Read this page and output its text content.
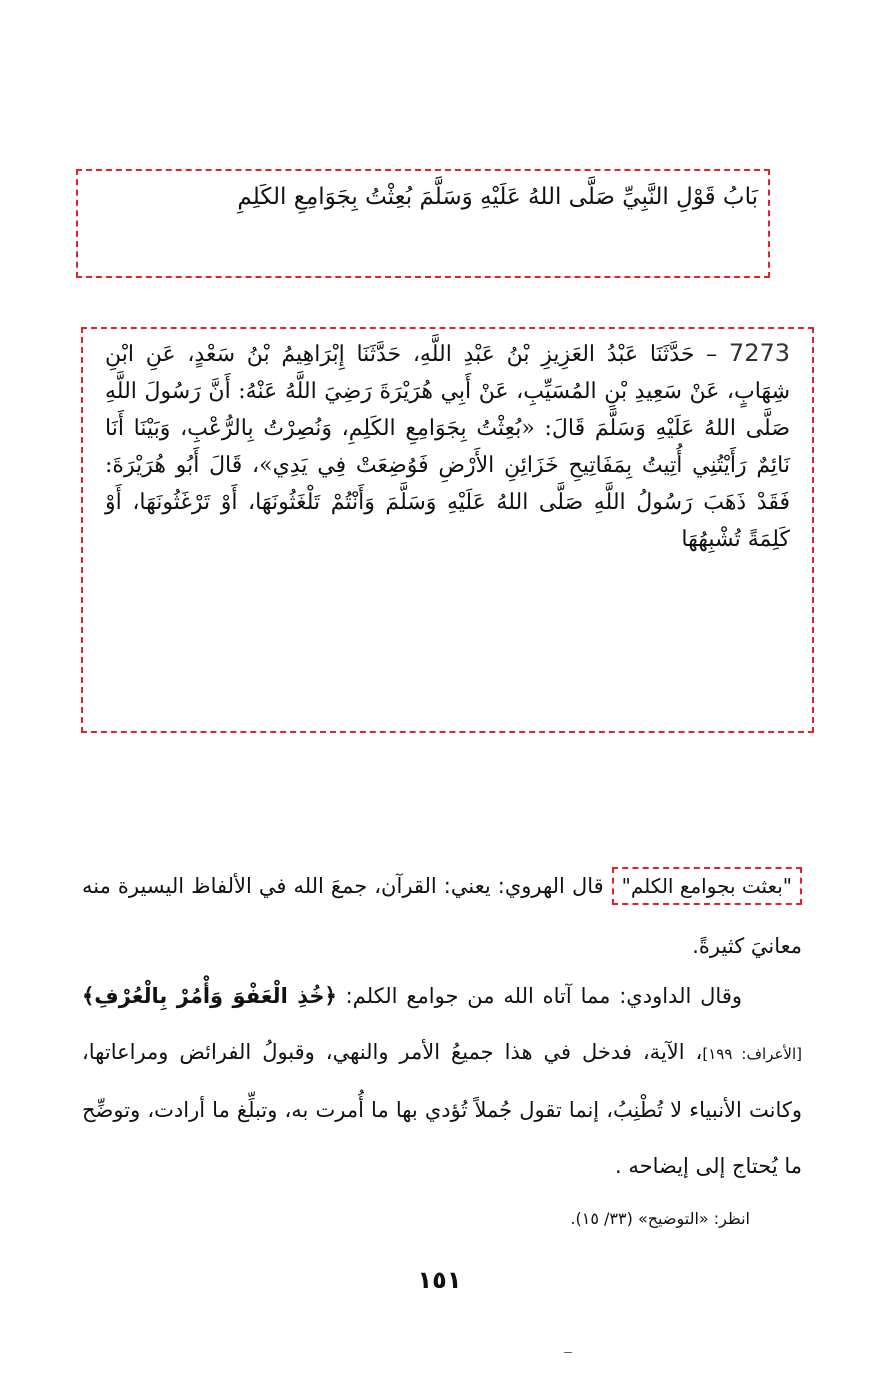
بَابُ قَوْلِ النَّبِيِّ صَلَّى اللهُ عَلَيْهِ وَسَلَّمَ بُعِثْتُ بِجَوَامِعِ الكَلِمِ

7273 – حَدَّثَنَا عَبْدُ العَزِيزِ بْنُ عَبْدِ اللَّهِ، حَدَّثَنَا إِبْرَاهِيمُ بْنُ سَعْدٍ، عَنِ ابْنِ شِهَابٍ، عَنْ سَعِيدِ بْنِ المُسَيِّبِ، عَنْ أَبِي هُرَيْرَةَ رَضِيَ اللَّهُ عَنْهُ: أَنَّ رَسُولَ اللَّهِ صَلَّى اللهُ عَلَيْهِ وَسَلَّمَ قَالَ: «بُعِثْتُ بِجَوَامِعِ الكَلِمِ، وَنُصِرْتُ بِالرُّعْبِ، وَبَيْنَا أَنَا نَائِمٌ رَأَيْتُنِي أُتِيتُ بِمَفَاتِيحِ خَزَائِنِ الأَرْضِ فَوُضِعَتْ فِي يَدِي»، قَالَ أَبُو هُرَيْرَةَ: فَقَدْ ذَهَبَ رَسُولُ اللَّهِ صَلَّى اللهُ عَلَيْهِ وَسَلَّمَ وَأَنْتُمْ تَلْغَثُونَهَا، أَوْ تَرْغَثُونَهَا، أَوْ كَلِمَةً تُشْبِهُهَا

"بعثت بجوامع الكلم"قال الهروي: يعني: القرآن، جمعَ الله في الألفاظ اليسيرة منه معانيَ كثيرةً.
وقال الداودي: مما آتاه الله من جوامع الكلم: ﴿خُذِ الْعَفْوَ وَأْمُرْ بِالْعُرْفِ﴾[الأعراف: ١٩٩]، الآية، فدخل في هذا جميعُ الأمر والنهي، وقبولُ الفرائض ومراعاتها، وكانت الأنبياء لا تُطْنِبُ، إنما تقول جُملاً تُؤدي بها ما أُمرت به، وتبلِّغ ما أرادت، وتوضِّح ما يُحتاج إلى إيضاحه .
انظر: «التوضيح» (٣٣/ ١٥).
١٥١
